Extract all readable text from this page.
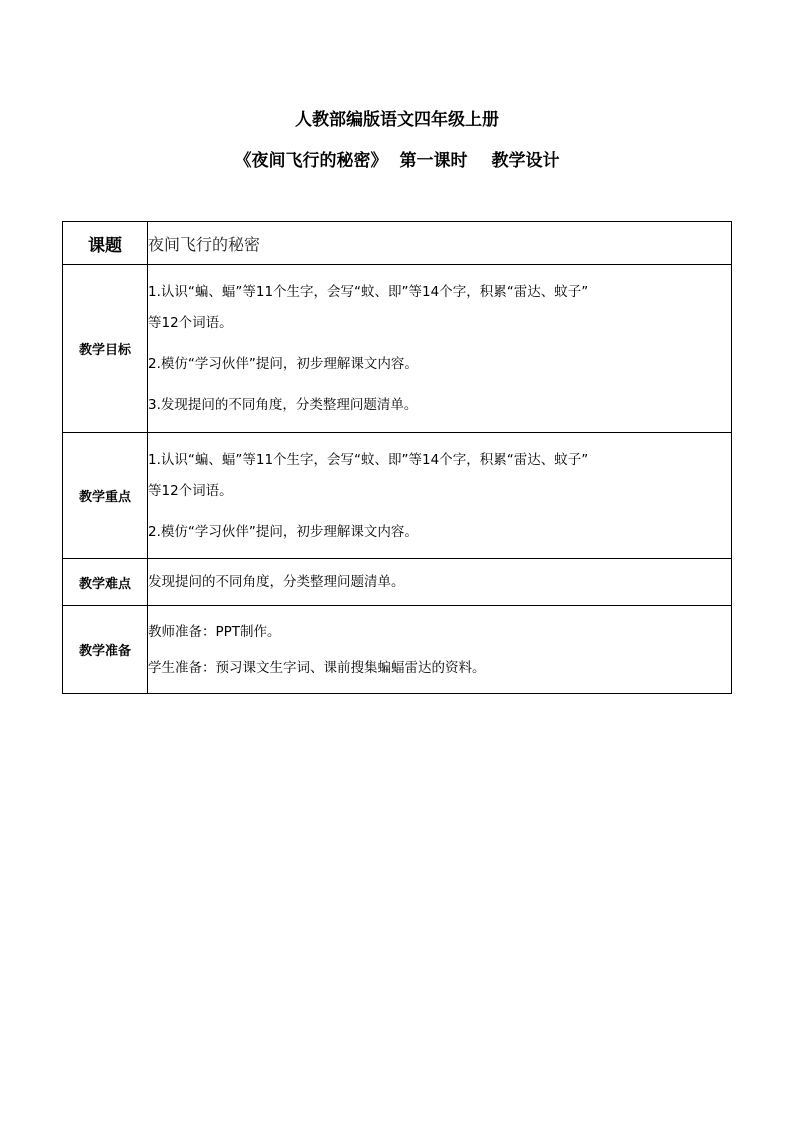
人教部编版语文四年级上册
《夜间飞行的秘密》 第一课时 教学设计
课题	夜间飞行的秘密
教学目标	1.认识“蝙、蝠”等11个生字，会写“蚊、即”等14个字，积累“雷达、蚊子”
等12个词语。
2.模仿“学习伙伴”提问，初步理解课文内容。
3.发现提问的不同角度，分类整理问题清单。

教学重点	1.认识“蝙、蝠”等11个生字，会写“蚊、即”等14个字，积累“雷达、蚊子”
等12个词语。
2.模仿“学习伙伴”提问，初步理解课文内容。

教学难点	发现提问的不同角度，分类整理问题清单。

教学准备	教师准备：PPT制作。
学生准备：预习课文生字词、课前搜集蝙蝠雷达的资料。
